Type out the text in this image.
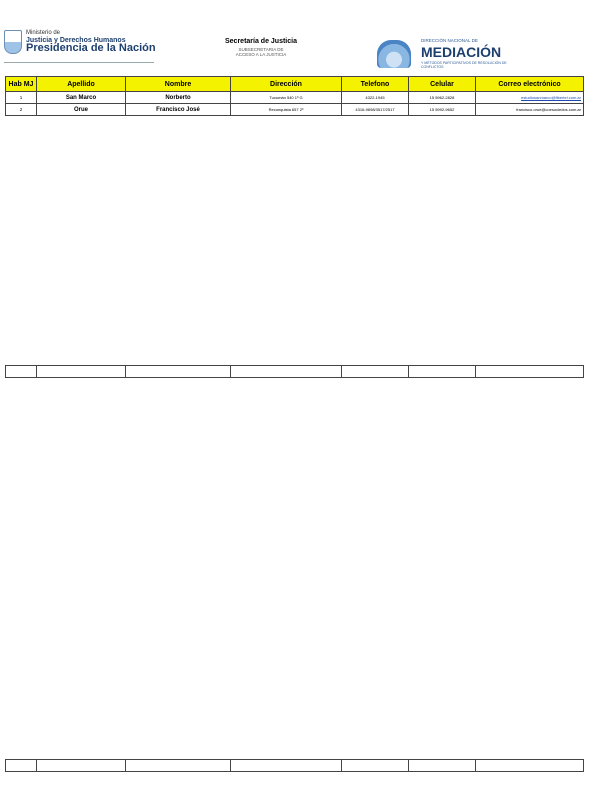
Ministerio de
Justicia y Derechos Humanos
Presidencia de la Nación
Secretaría de Justicia
SUBSECRETARIA DE
ACCESO A LA JUSTICIA
DIRECCIÓN NACIONAL DE
MEDIACIÓN
Y MÉTODOS PARTICIPATIVOS DE RESOLUCIÓN DE CONFLICTOS
Hab MJ	Apellido	Nombre	Dirección	Telefono	Celular	Correo electrónico
1	San Marco	Norberto	Tucumán 540 1º G	4322-1945	15 5962-2828	estudiosanmarco@fibertel.com.ar
2	Orue	Francisco José	Reconquista 657 2º	4316-9698/3517/2517	15 5992-9652	francisco.orue@coesociedos.com.ar
